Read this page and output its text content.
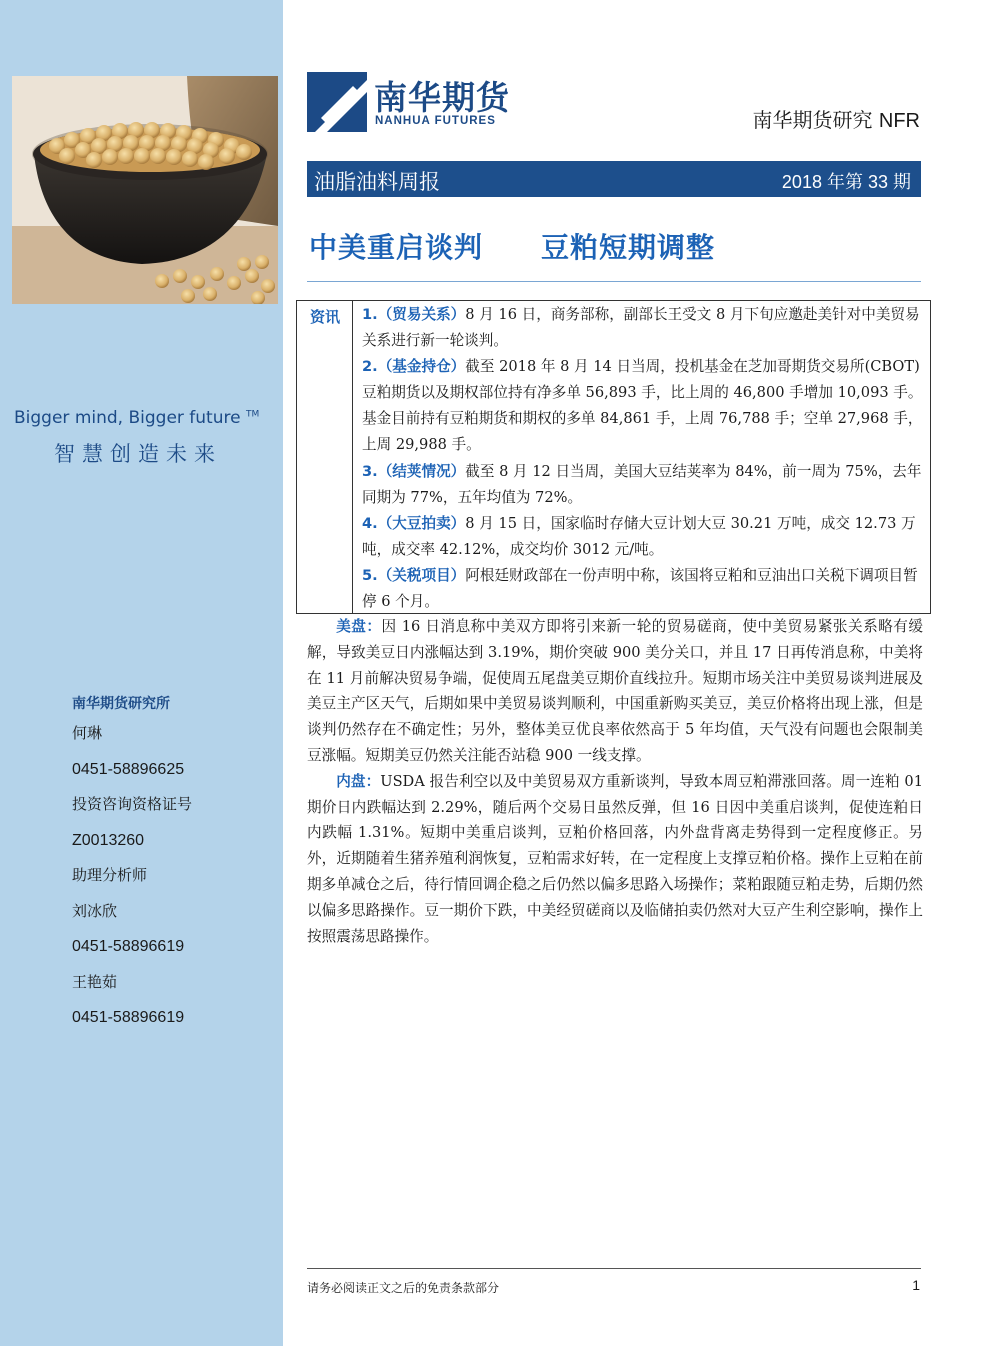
Bigger mind, Bigger future ™
智慧创造未来
南华期货研究所
何琳
0451-58896625
投资咨询资格证号
Z0013260
助理分析师
刘冰欣
0451-58896619
王艳茹
0451-58896619
南华期货
NANHUA FUTURES	南华期货研究 NFR
油脂油料周报	2018 年第 33 期
中美重启谈判　　豆粕短期调整
资讯 1.（贸易关系）8 月 16 日，商务部称，副部长王受文 8 月下旬应邀赴美针对中美贸易关系进行新一轮谈判。
2.（基金持仓）截至 2018 年 8 月 14 日当周，投机基金在芝加哥期货交易所(CBOT)豆粕期货以及期权部位持有净多单 56,893 手，比上周的 46,800 手增加 10,093 手。基金目前持有豆粕期货和期权的多单 84,861 手，上周 76,788 手；空单 27,968 手，上周 29,988 手。
3.（结荚情况）截至 8 月 12 日当周，美国大豆结荚率为 84%，前一周为 75%，去年同期为 77%，五年均值为 72%。
4.（大豆拍卖）8 月 15 日，国家临时存储大豆计划大豆 30.21 万吨，成交 12.73 万吨，成交率 42.12%，成交均价 3012 元/吨。
5.（关税项目）阿根廷财政部在一份声明中称，该国将豆粕和豆油出口关税下调项目暂停 6 个月。

美盘：因 16 日消息称中美双方即将引来新一轮的贸易磋商，使中美贸易紧张关系略有缓解，导致美豆日内涨幅达到 3.19%，期价突破 900 美分关口，并且 17 日再传消息称，中美将在 11 月前解决贸易争端，促使周五尾盘美豆期价直线拉升。短期市场关注中美贸易谈判进展及美豆主产区天气，后期如果中美贸易谈判顺利，中国重新购买美豆，美豆价格将出现上涨，但是谈判仍然存在不确定性；另外，整体美豆优良率依然高于 5 年均值，天气没有问题也会限制美豆涨幅。短期美豆仍然关注能否站稳 900 一线支撑。

内盘：USDA 报告利空以及中美贸易双方重新谈判，导致本周豆粕滞涨回落。周一连粕 01 期价日内跌幅达到 2.29%，随后两个交易日虽然反弹，但 16 日因中美重启谈判，促使连粕日内跌幅 1.31%。短期中美重启谈判，豆粕价格回落，内外盘背离走势得到一定程度修正。另外，近期随着生猪养殖利润恢复，豆粕需求好转，在一定程度上支撑豆粕价格。操作上豆粕在前期多单减仓之后，待行情回调企稳之后仍然以偏多思路入场操作；菜粕跟随豆粕走势，后期仍然以偏多思路操作。豆一期价下跌，中美经贸磋商以及临储拍卖仍然对大豆产生利空影响，操作上按照震荡思路操作。

请务必阅读正文之后的免责条款部分	1
